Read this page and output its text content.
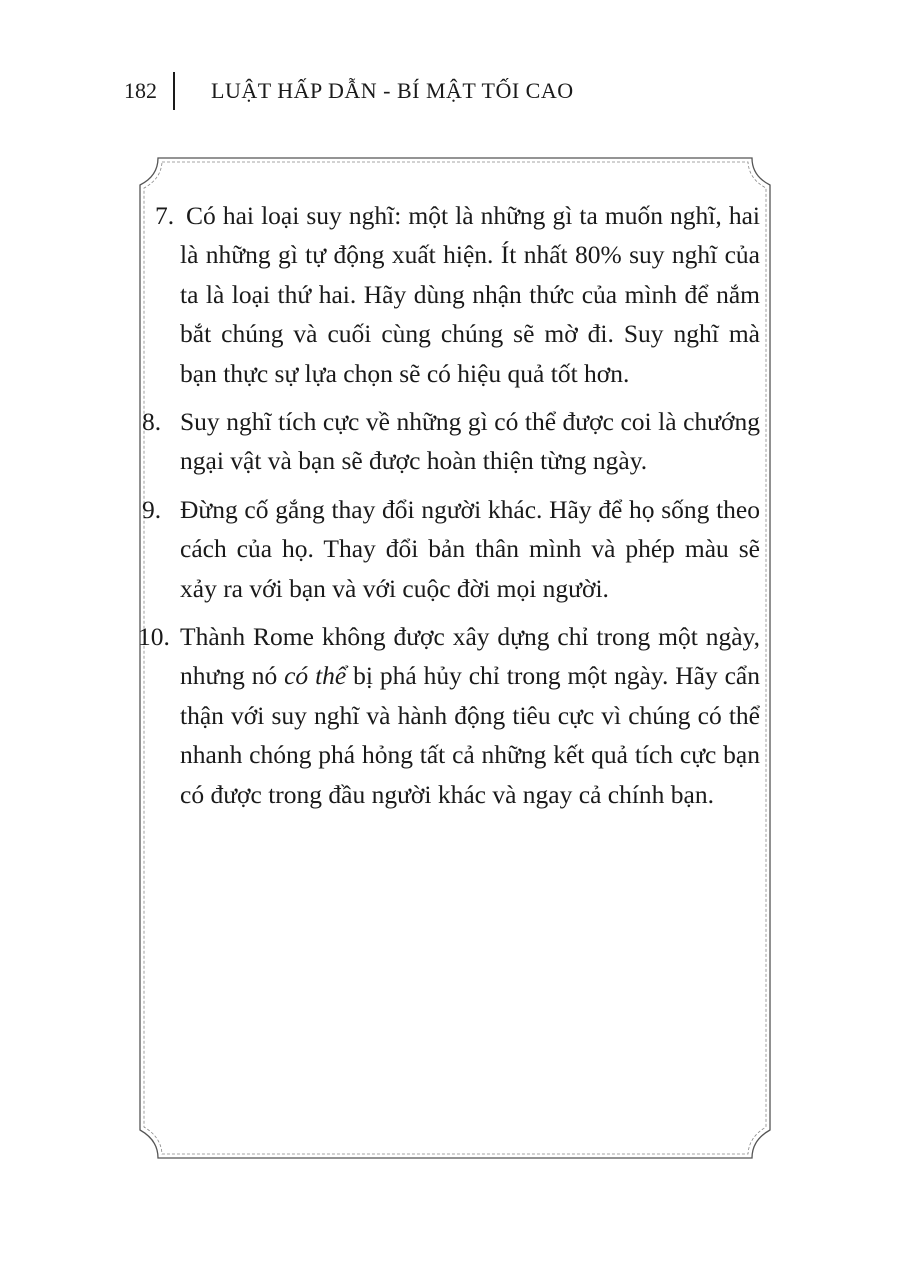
182 LUẬT HẤP DẪN - BÍ MẬT TỐI CAO
7. Có hai loại suy nghĩ: một là những gì ta muốn nghĩ, hai là những gì tự động xuất hiện. Ít nhất 80% suy nghĩ của ta là loại thứ hai. Hãy dùng nhận thức của mình để nắm bắt chúng và cuối cùng chúng sẽ mờ đi. Suy nghĩ mà bạn thực sự lựa chọn sẽ có hiệu quả tốt hơn.
8. Suy nghĩ tích cực về những gì có thể được coi là chướng ngại vật và bạn sẽ được hoàn thiện từng ngày.
9. Đừng cố gắng thay đổi người khác. Hãy để họ sống theo cách của họ. Thay đổi bản thân mình và phép màu sẽ xảy ra với bạn và với cuộc đời mọi người.
10. Thành Rome không được xây dựng chỉ trong một ngày, nhưng nó có thể bị phá hủy chỉ trong một ngày. Hãy cẩn thận với suy nghĩ và hành động tiêu cực vì chúng có thể nhanh chóng phá hỏng tất cả những kết quả tích cực bạn có được trong đầu người khác và ngay cả chính bạn.
